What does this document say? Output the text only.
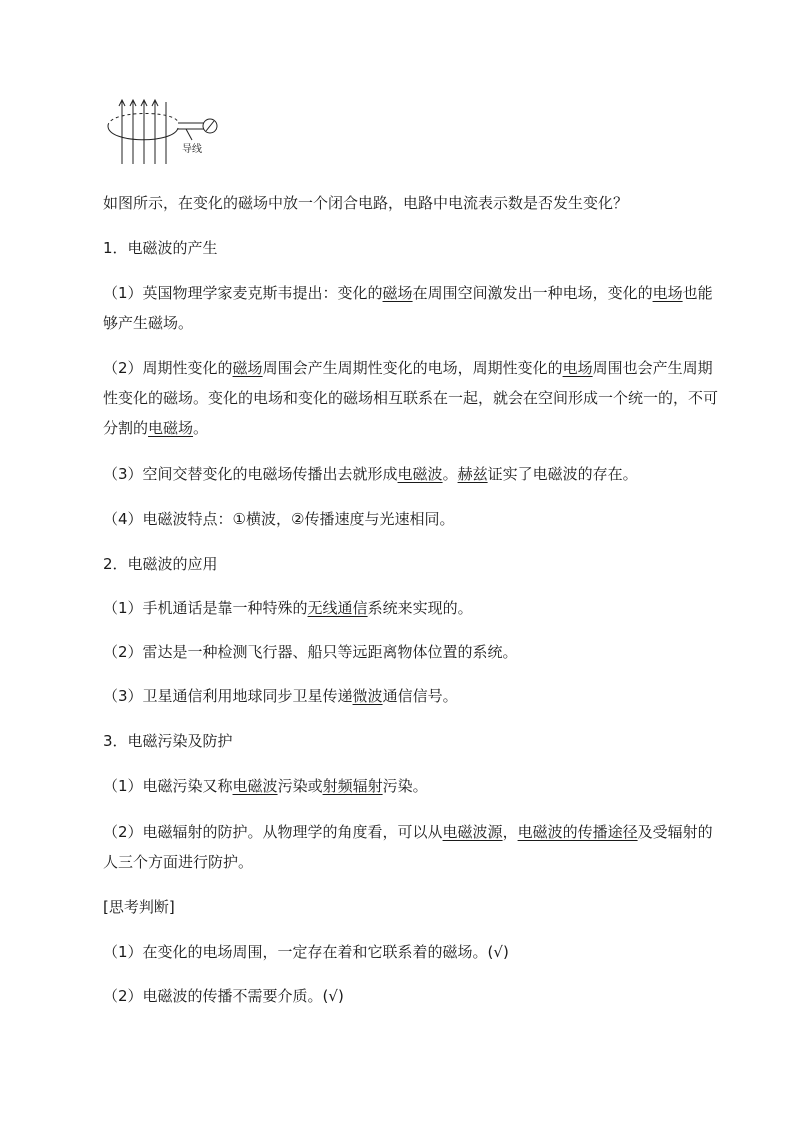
导线
如图所示，在变化的磁场中放一个闭合电路，电路中电流表示数是否发生变化？
1．电磁波的产生
（1）英国物理学家麦克斯韦提出：变化的磁场在周围空间激发出一种电场，变化的电场也能够产生磁场。
（2）周期性变化的磁场周围会产生周期性变化的电场，周期性变化的电场周围也会产生周期性变化的磁场。变化的电场和变化的磁场相互联系在一起，就会在空间形成一个统一的，不可分割的电磁场。
（3）空间交替变化的电磁场传播出去就形成电磁波。赫兹证实了电磁波的存在。
（4）电磁波特点：①横波，②传播速度与光速相同。
2．电磁波的应用
（1）手机通话是靠一种特殊的无线通信系统来实现的。
（2）雷达是一种检测飞行器、船只等远距离物体位置的系统。
（3）卫星通信利用地球同步卫星传递微波通信信号。
3．电磁污染及防护
（1）电磁污染又称电磁波污染或射频辐射污染。
（2）电磁辐射的防护。从物理学的角度看，可以从电磁波源，电磁波的传播途径及受辐射的人三个方面进行防护。
[思考判断]
（1）在变化的电场周围，一定存在着和它联系着的磁场。(√)
（2）电磁波的传播不需要介质。(√)
